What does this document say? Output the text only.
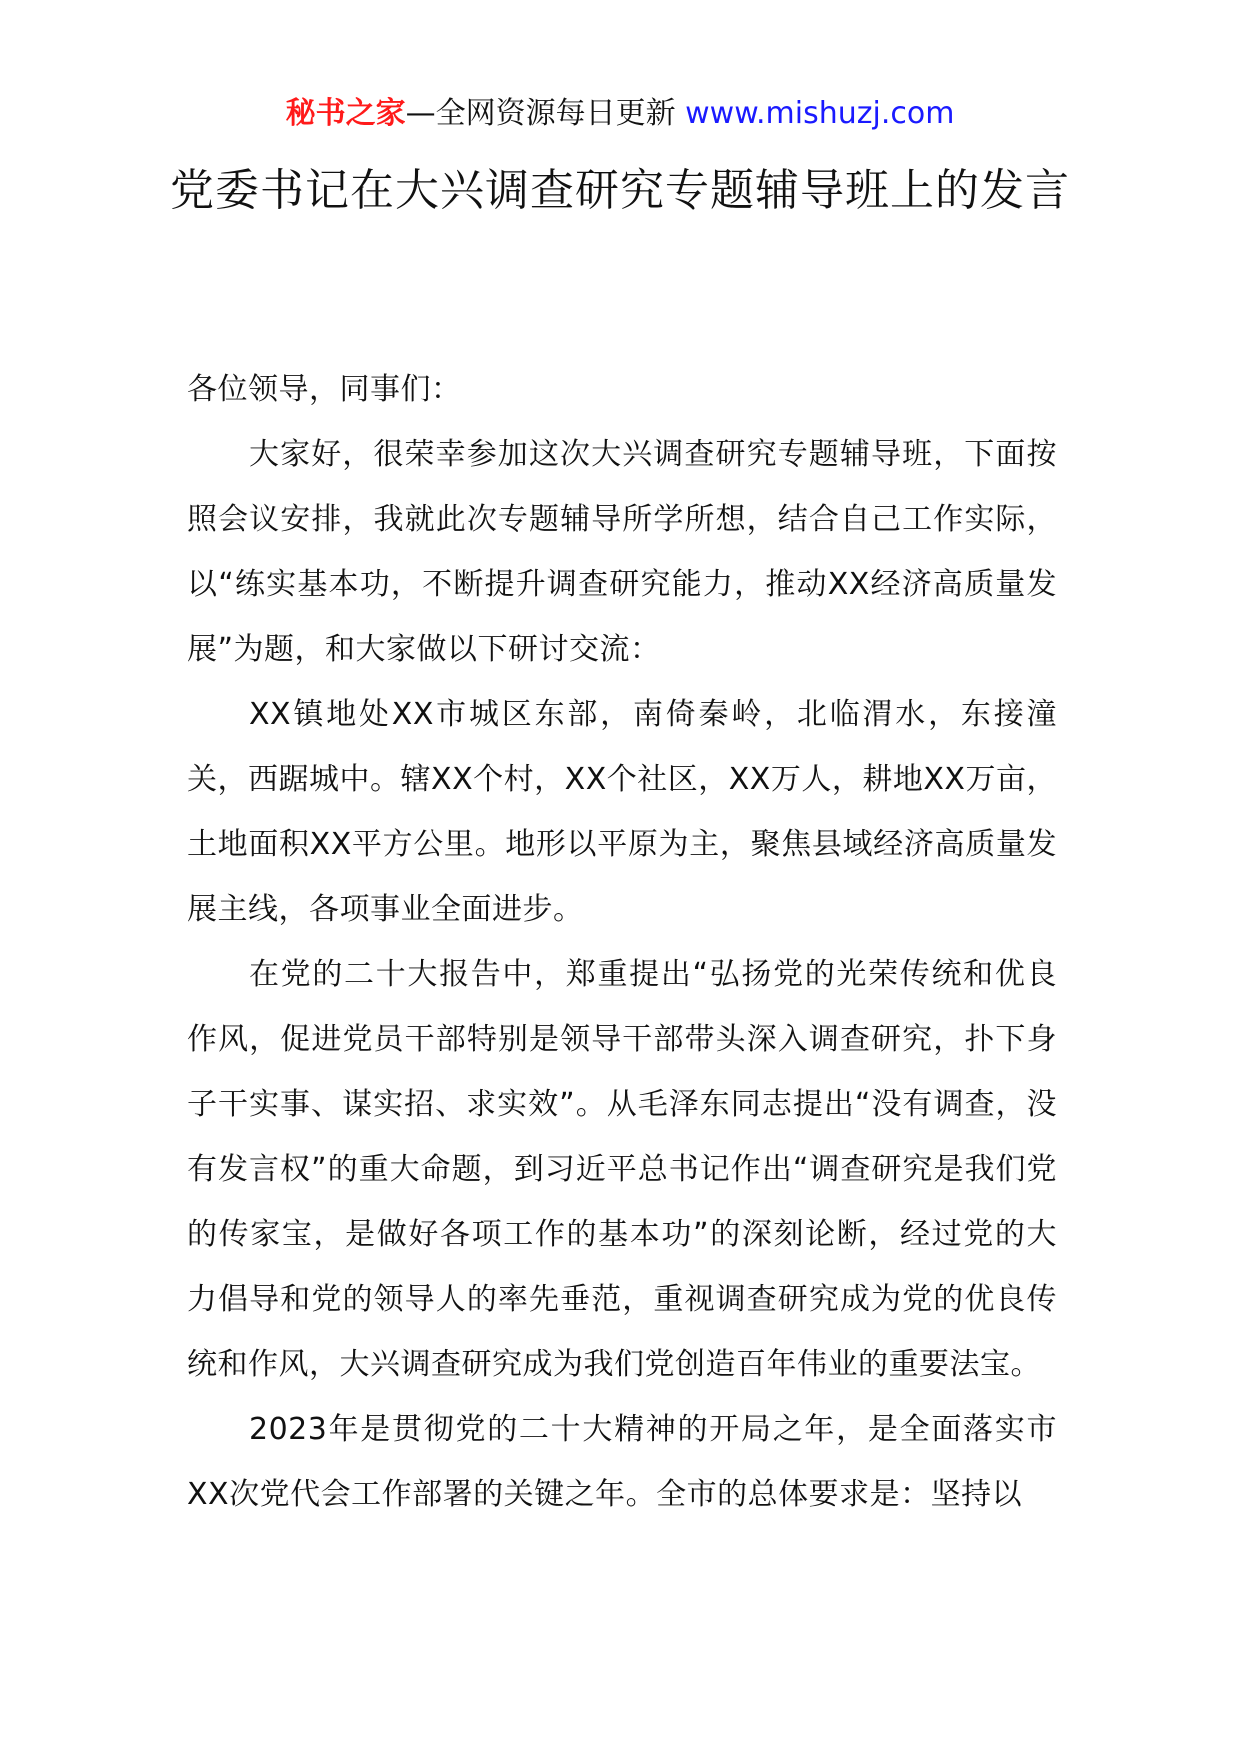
秘书之家—全网资源每日更新 www.mishuzj.com
党委书记在大兴调查研究专题辅导班上的发言

各位领导，同事们：

大家好，很荣幸参加这次大兴调查研究专题辅导班，下面按照会议安排，我就此次专题辅导所学所想，结合自己工作实际，以“练实基本功，不断提升调查研究能力，推动XX经济高质量发展”为题，和大家做以下研讨交流：

XX镇地处XX市城区东部，南倚秦岭，北临渭水，东接潼关，西踞城中。辖XX个村，XX个社区，XX万人，耕地XX万亩，土地面积XX平方公里。地形以平原为主，聚焦县域经济高质量发展主线，各项事业全面进步。

在党的二十大报告中，郑重提出“弘扬党的光荣传统和优良作风，促进党员干部特别是领导干部带头深入调查研究，扑下身子干实事、谋实招、求实效”。从毛泽东同志提出“没有调查，没有发言权”的重大命题，到习近平总书记作出“调查研究是我们党的传家宝，是做好各项工作的基本功”的深刻论断，经过党的大力倡导和党的领导人的率先垂范，重视调查研究成为党的优良传统和作风，大兴调查研究成为我们党创造百年伟业的重要法宝。

2023年是贯彻党的二十大精神的开局之年，是全面落实市XX次党代会工作部署的关键之年。全市的总体要求是：坚持以
